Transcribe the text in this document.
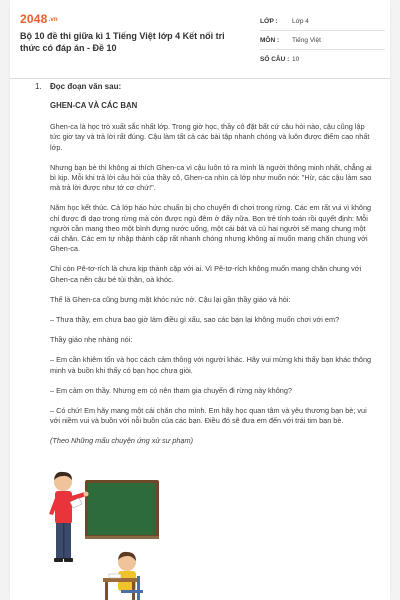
2048.vn
Bộ 10 đề thi giữa kì 1 Tiếng Việt lớp 4 Kết nối tri thức có đáp án - Đề 10
LỚP :	Lớp 4
MÔN :	Tiếng Việt
SỐ CÂU : 10
1.	Đọc đoạn văn sau:
GHEN-CA VÀ CÁC BẠN

Ghen-ca là học trò xuất sắc nhất lớp. Trong giờ học, thầy cô đặt bất cứ câu hỏi nào, cậu cũng lập tức giơ tay và trả lời rất đúng. Cậu làm tất cả các bài tập nhanh chóng và luôn được điểm cao nhất lớp.

Nhưng bạn bè thì không ai thích Ghen-ca vì cậu luôn tỏ ra mình là người thông minh nhất, chẳng ai bì kịp. Mỗi khi trả lời câu hỏi của thầy cô, Ghen-ca nhìn cả lớp như muốn nói: "Hừ, các cậu làm sao mà trả lời được như tớ cơ chứ!".

Năm học kết thúc. Cả lớp háo hức chuẩn bị cho chuyến đi chơi trong rừng. Các em rất vui vì không chỉ được đi dạo trong rừng mà còn được ngủ đêm ở đấy nữa. Bọn trẻ tính toán rồi quyết định: Mỗi người cần mang theo một bình đựng nước uống, một cái bát và củ hai người sẽ mang chung một cái chăn. Các em tự nhập thành cặp rất nhanh chóng nhưng không ai muốn mang chăn chung với Ghen-ca.

Chỉ còn Pê-tơ-rích là chưa kịp thành cặp với ai. Vì Pê-tơ-rích không muốn mang chăn chung với Ghen-ca nên cậu bé tủi thân, oà khóc.

Thế là Ghen-ca cũng bưng mặt khóc nức nở. Cậu lại gần thầy giáo và hỏi:

– Thưa thầy, em chưa bao giờ làm điều gì xấu, sao các bạn lại không muốn chơi với em?

Thầy giáo nhẹ nhàng nói:

– Em cần khiêm tốn và học cách cảm thông với người khác. Hãy vui mừng khi thấy bạn khác thông minh và buồn khi thấy có bạn học chưa giỏi.

– Em cảm ơn thầy. Nhưng em có nên tham gia chuyến đi rừng này không?

– Có chứ! Em hãy mang một cái chăn cho mình. Em hãy học quan tâm và yêu thương bạn bè; vui với niềm vui và buồn với nỗi buồn của các bạn. Điều đó sẽ đưa em đến với trái tim bạn bè.

(Theo Những mẩu chuyện ứng xử sư phạm)
